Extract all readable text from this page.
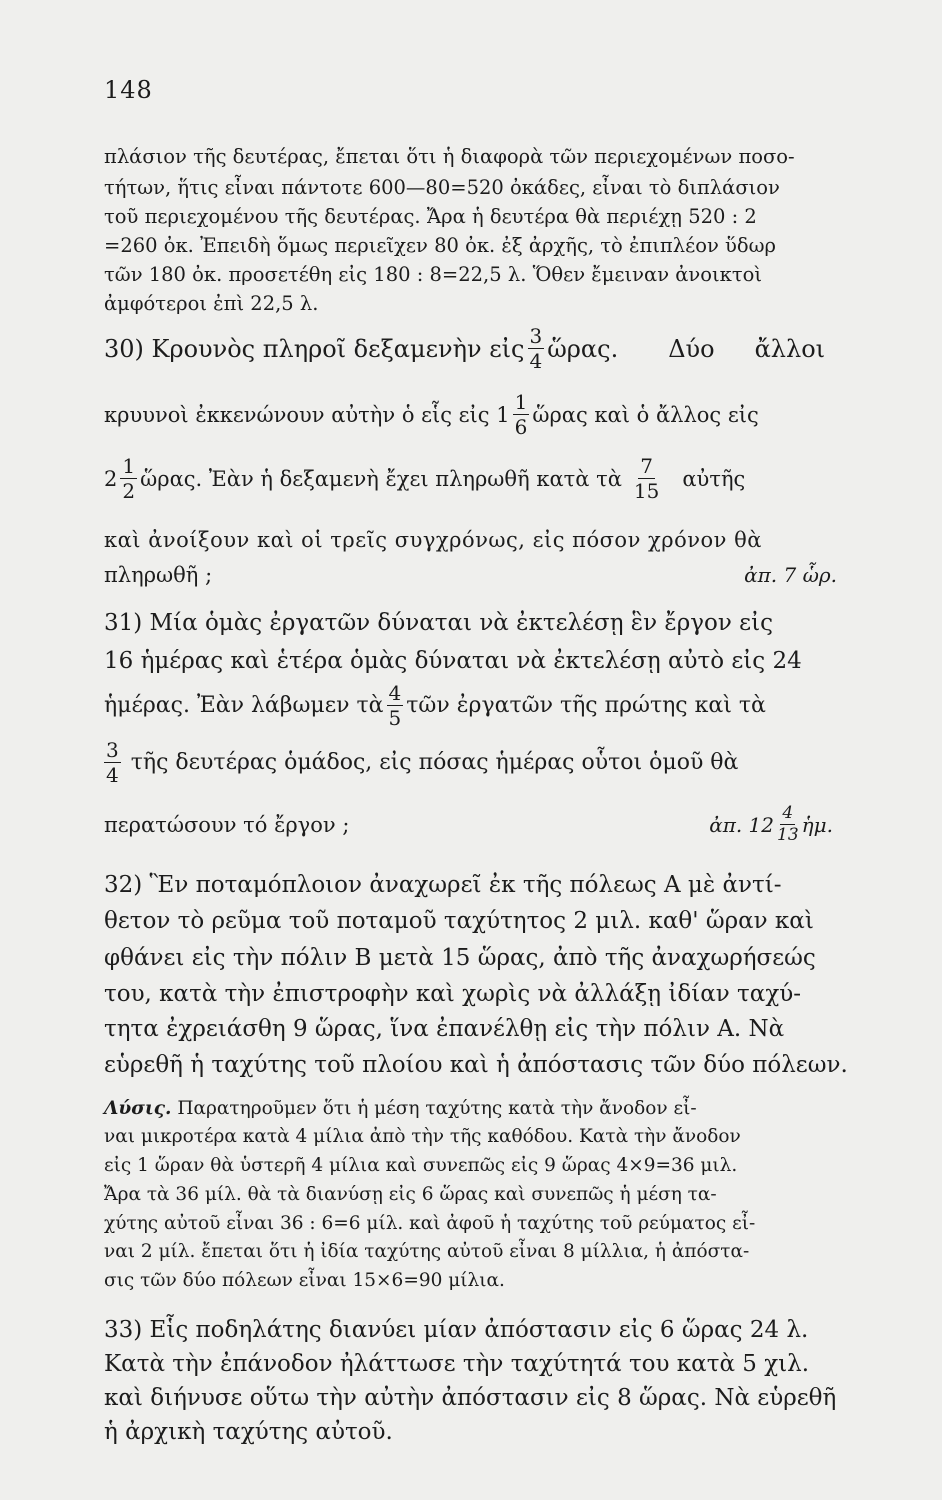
148
πλάσιον τῆς δευτέρας, ἔπεται ὅτι ἡ διαφορὰ τῶν περιεχομένων ποσο-
τήτων, ἥτις εἶναι πάντοτε 600—80=520 ὀκάδες, εἶναι τὸ διπλάσιον
τοῦ περιεχομένου τῆς δευτέρας. Ἄρα ἡ δευτέρα θὰ περιέχῃ 520 : 2
=260 ὀκ. Ἐπειδὴ ὅμως περιεῖχεν 80 ὀκ. ἐξ ἀρχῆς, τὸ ἐπιπλέον ὕδωρ
τῶν 180 ὀκ. προσετέθη εἰς 180 : 8=22,5 λ. Ὅθεν ἔμειναν ἀνοικτοὶ
ἀμφότεροι ἐπὶ 22,5 λ.
30) Κρουνὸς πληροῖ δεξαμενὴν εἰς $\frac{3}{4}$ ὥρας. Δύο ἄλλοι
κρυυνοὶ ἐκκενώνουν αὐτὴν ὁ εἷς εἰς $1 \frac{1}{6}$ ὥρας καὶ ὁ ἄλλος εἰς
$2 \frac{1}{2}$ ὥρας. Ἐὰν ἡ δεξαμενὴ ἔχει πληρωθῆ κατὰ τὰ $\frac{7}{15}$ αὐτῆς
καὶ ἀνοίξουν καὶ οἱ τρεῖς συγχρόνως, εἰς πόσον χρόνον θὰ
πληρωθῆ ;	ἀπ. 7 ὧρ.
31) Μία ὁμὰς ἐργατῶν δύναται νὰ ἐκτελέσῃ ἓν ἔργον εἰς
16 ἡμέρας καὶ ἑτέρα ὁμὰς δύναται νὰ ἐκτελέσῃ αὐτὸ εἰς 24
ἡμέρας. Ἐὰν λάβωμεν τὰ $\frac{4}{5}$ τῶν ἐργατῶν τῆς πρώτης καὶ τὰ
$\frac{3}{4}$ τῆς δευτέρας ὁμάδος, εἰς πόσας ἡμέρας οὗτοι ὁμοῦ θὰ
περατώσουν τό ἔργον ;	ἀπ. $12 \frac{4}{13}$ ἡμ.
32) Ἓν ποταμόπλοιον ἀναχωρεῖ ἐκ τῆς πόλεως Α μὲ ἀντί-
θετον τὸ ρεῦμα τοῦ ποταμοῦ ταχύτητος 2 μιλ. καθ' ὥραν καὶ
φθάνει εἰς τὴν πόλιν Β μετὰ 15 ὥρας, ἀπὸ τῆς ἀναχωρήσεώς
του, κατὰ τὴν ἐπιστροφὴν καὶ χωρὶς νὰ ἀλλάξῃ ἰδίαν ταχύ-
τητα ἐχρειάσθη 9 ὥρας, ἵνα ἐπανέλθῃ εἰς τὴν πόλιν Α. Νὰ
εὑρεθῆ ἡ ταχύτης τοῦ πλοίου καὶ ἡ ἀπόστασις τῶν δύο πόλεων.
Λύσις. Παρατηροῦμεν ὅτι ἡ μέση ταχύτης κατὰ τὴν ἄνοδον εἶ-
ναι μικροτέρα κατὰ 4 μίλια ἀπὸ τὴν τῆς καθόδου. Κατὰ τὴν ἄνοδον
εἰς 1 ὥραν θὰ ὑστερῆ 4 μίλια καὶ συνεπῶς εἰς 9 ὥρας 4×9=36 μιλ.
Ἄρα τὰ 36 μίλ. θὰ τὰ διανύσῃ εἰς 6 ὥρας καὶ συνεπῶς ἡ μέση τα-
χύτης αὐτοῦ εἶναι 36 : 6=6 μίλ. καὶ ἀφοῦ ἡ ταχύτης τοῦ ρεύματος εἶ-
ναι 2 μίλ. ἔπεται ὅτι ἡ ἰδία ταχύτης αὐτοῦ εἶναι 8 μίλλια, ἡ ἀπόστα-
σις τῶν δύο πόλεων εἶναι 15×6=90 μίλια.
33) Εἷς ποδηλάτης διανύει μίαν ἀπόστασιν εἰς 6 ὥρας 24 λ.
Κατὰ τὴν ἐπάνοδον ἠλάττωσε τὴν ταχύτητά του κατὰ 5 χιλ.
καὶ διήνυσε οὕτω τὴν αὐτὴν ἀπόστασιν εἰς 8 ὥρας. Νὰ εὑρεθῆ
ἡ ἀρχικὴ ταχύτης αὐτοῦ.
